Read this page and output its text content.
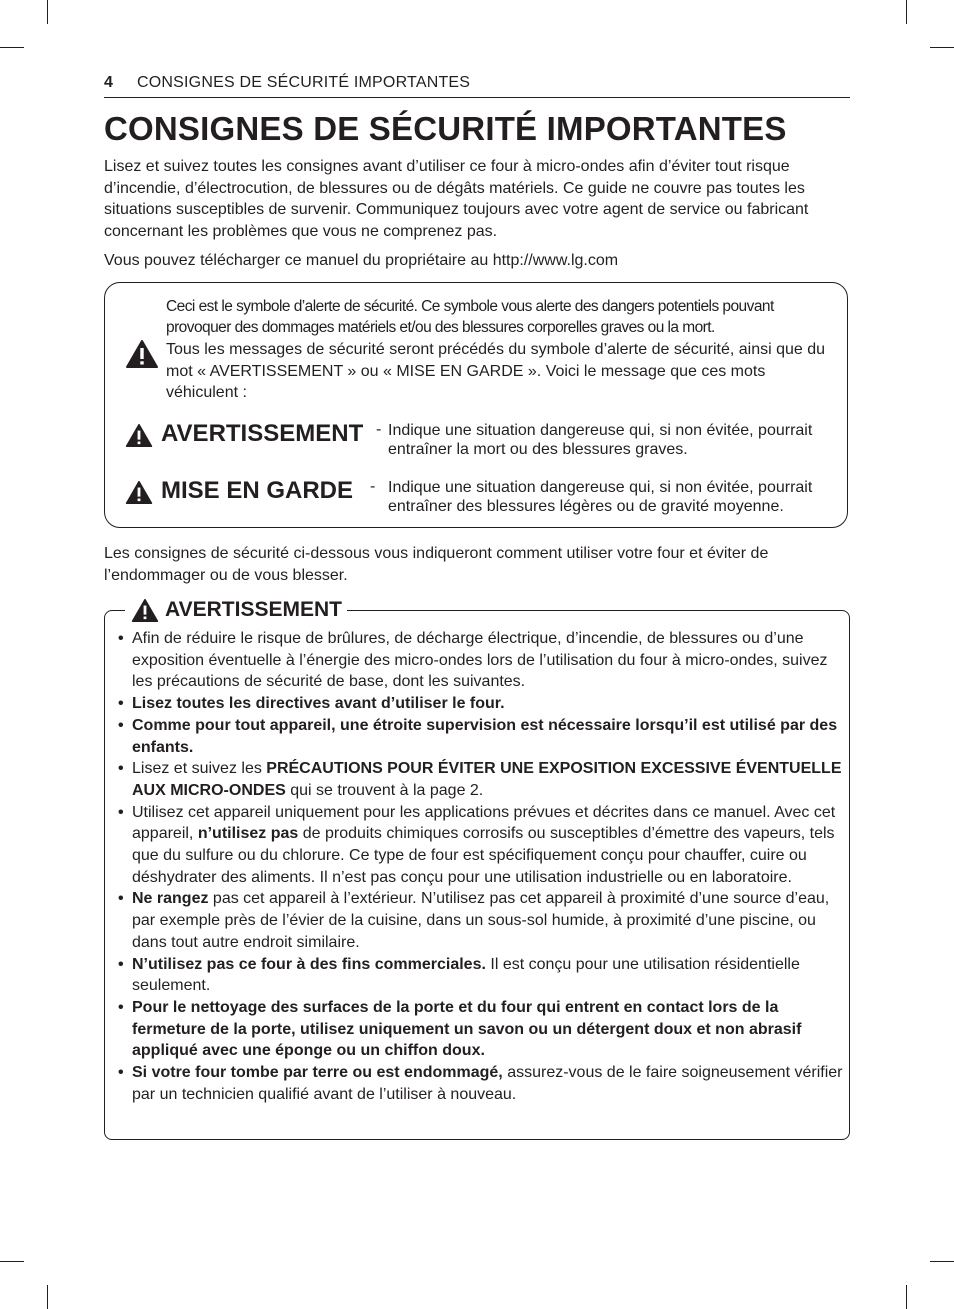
4 CONSIGNES DE SÉCURITÉ IMPORTANTES
CONSIGNES DE SÉCURITÉ IMPORTANTES

Lisez et suivez toutes les consignes avant d’utiliser ce four à micro-ondes afin d’éviter tout risque d’incendie, d’électrocution, de blessures ou de dégâts matériels. Ce guide ne couvre pas toutes les situations susceptibles de survenir. Communiquez toujours avec votre agent de service ou fabricant concernant les problèmes que vous ne comprenez pas.

Vous pouvez télécharger ce manuel du propriétaire au http://www.lg.com

Ceci est le symbole d’alerte de sécurité. Ce symbole vous alerte des dangers potentiels pouvant provoquer des dommages matériels et/ou des blessures corporelles graves ou la mort.
Tous les messages de sécurité seront précédés du symbole d’alerte de sécurité, ainsi que du mot « AVERTISSEMENT » ou « MISE EN GARDE ». Voici le message que ces mots véhiculent :
AVERTISSEMENT - Indique une situation dangereuse qui, si non évitée, pourrait entraîner la mort ou des blessures graves.
MISE EN GARDE - Indique une situation dangereuse qui, si non évitée, pourrait entraîner des blessures légères ou de gravité moyenne.

Les consignes de sécurité ci-dessous vous indiqueront comment utiliser votre four et éviter de l’endommager ou de vous blesser.

AVERTISSEMENT
• Afin de réduire le risque de brûlures, de décharge électrique, d’incendie, de blessures ou d’une exposition éventuelle à l’énergie des micro-ondes lors de l’utilisation du four à micro-ondes, suivez les précautions de sécurité de base, dont les suivantes.
• Lisez toutes les directives avant d’utiliser le four.
• Comme pour tout appareil, une étroite supervision est nécessaire lorsqu’il est utilisé par des enfants.
• Lisez et suivez les PRÉCAUTIONS POUR ÉVITER UNE EXPOSITION EXCESSIVE ÉVENTUELLE AUX MICRO-ONDES qui se trouvent à la page 2.
• Utilisez cet appareil uniquement pour les applications prévues et décrites dans ce manuel. Avec cet appareil, n’utilisez pas de produits chimiques corrosifs ou susceptibles d’émettre des vapeurs, tels que du sulfure ou du chlorure. Ce type de four est spécifiquement conçu pour chauffer, cuire ou déshydrater des aliments. Il n’est pas conçu pour une utilisation industrielle ou en laboratoire.
• Ne rangez pas cet appareil à l’extérieur. N’utilisez pas cet appareil à proximité d’une source d’eau, par exemple près de l’évier de la cuisine, dans un sous-sol humide, à proximité d’une piscine, ou dans tout autre endroit similaire.
• N’utilisez pas ce four à des fins commerciales. Il est conçu pour une utilisation résidentielle seulement.
• Pour le nettoyage des surfaces de la porte et du four qui entrent en contact lors de la fermeture de la porte, utilisez uniquement un savon ou un détergent doux et non abrasif appliqué avec une éponge ou un chiffon doux.
• Si votre four tombe par terre ou est endommagé, assurez-vous de le faire soigneusement vérifier par un technicien qualifié avant de l’utiliser à nouveau.
